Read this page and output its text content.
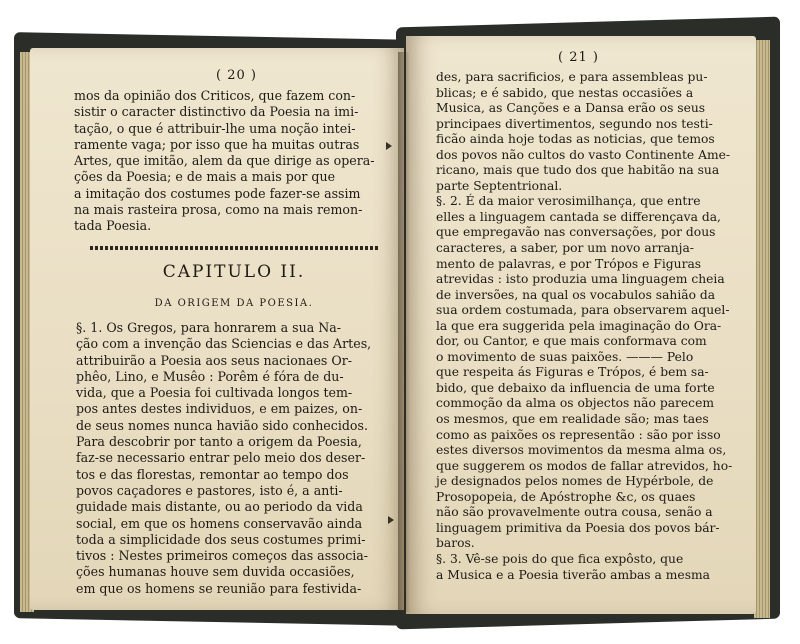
( 20 )
mos da opinião dos Criticos, que fazem con-
sistir o caracter distinctivo da Poesia na imi-
tação, o que é attribuir-lhe uma noção intei-
ramente vaga; por isso que ha muitas outras
Artes, que imitão, alem da que dirige as opera-
ções da Poesia; e de mais a mais por que
a imitação dos costumes pode fazer-se assim
na mais rasteira prosa, como na mais remon-
tada Poesia.
CAPITULO II.
DA ORIGEM DA POESIA.
§. 1. Os Gregos, para honrarem a sua Na-
ção com a invenção das Sciencias e das Artes,
attribuirão a Poesia aos seus nacionaes Or-
phêo, Lino, e Musêo : Porêm é fóra de du-
vida, que a Poesia foi cultivada longos tem-
pos antes destes individuos, e em paizes, on-
de seus nomes nunca havião sido conhecidos.
Para descobrir por tanto a origem da Poesia,
faz-se necessario entrar pelo meio dos deser-
tos e das florestas, remontar ao tempo dos
povos caçadores e pastores, isto é, a anti-
guidade mais distante, ou ao periodo da vida
social, em que os homens conservavão ainda
toda a simplicidade dos seus costumes primi-
tivos : Nestes primeiros começos das associa-
ções humanas houve sem duvida occasiões,
em que os homens se reunião para festivida-
( 21 )
des, para sacrificios, e para assembleas pu-
blicas; e é sabido, que nestas occasiões a
Musica, as Canções e a Dansa erão os seus
principaes divertimentos, segundo nos testi-
ficão ainda hoje todas as noticias, que temos
dos povos não cultos do vasto Continente Ame-
ricano, mais que tudo dos que habitão na sua
parte Septentrional.
§. 2. É da maior verosimilhança, que entre
elles a linguagem cantada se differençava da,
que empregavão nas conversações, por dous
caracteres, a saber, por um novo arranja-
mento de palavras, e por Trópos e Figuras
atrevidas : isto produzia uma linguagem cheia
de inversões, na qual os vocabulos sahião da
sua ordem costumada, para observarem aquel-
la que era suggerida pela imaginação do Ora-
dor, ou Cantor, e que mais conformava com
o movimento de suas paixões. ——— Pelo
que respeita ás Figuras e Trópos, é bem sa-
bido, que debaixo da influencia de uma forte
commoção da alma os objectos não parecem
os mesmos, que em realidade são; mas taes
como as paixões os representão : são por isso
estes diversos movimentos da mesma alma os,
que suggerem os modos de fallar atrevidos, ho-
je designados pelos nomes de Hypérbole, de
Prosopopeia, de Apóstrophe &c, os quaes
não são provavelmente outra cousa, senão a
linguagem primitiva da Poesia dos povos bár-
baros.
§. 3. Vê-se pois do que fica expôsto, que
a Musica e a Poesia tiverão ambas a mesma
